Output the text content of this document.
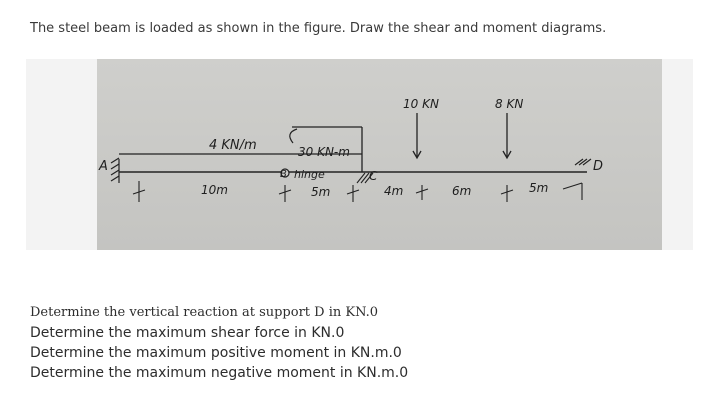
The steel beam is loaded as shown in the figure. Draw the shear and moment diagrams.
A	D
B hinge	C
4 KN/m	30 KN-m
10 KN	8 KN
10m	5m	4m	6m	5m
Determine the vertical reaction at support D in KN.0
Determine the maximum shear force in KN.0
Determine the maximum positive moment in KN.m.0
Determine the maximum negative moment in KN.m.0
